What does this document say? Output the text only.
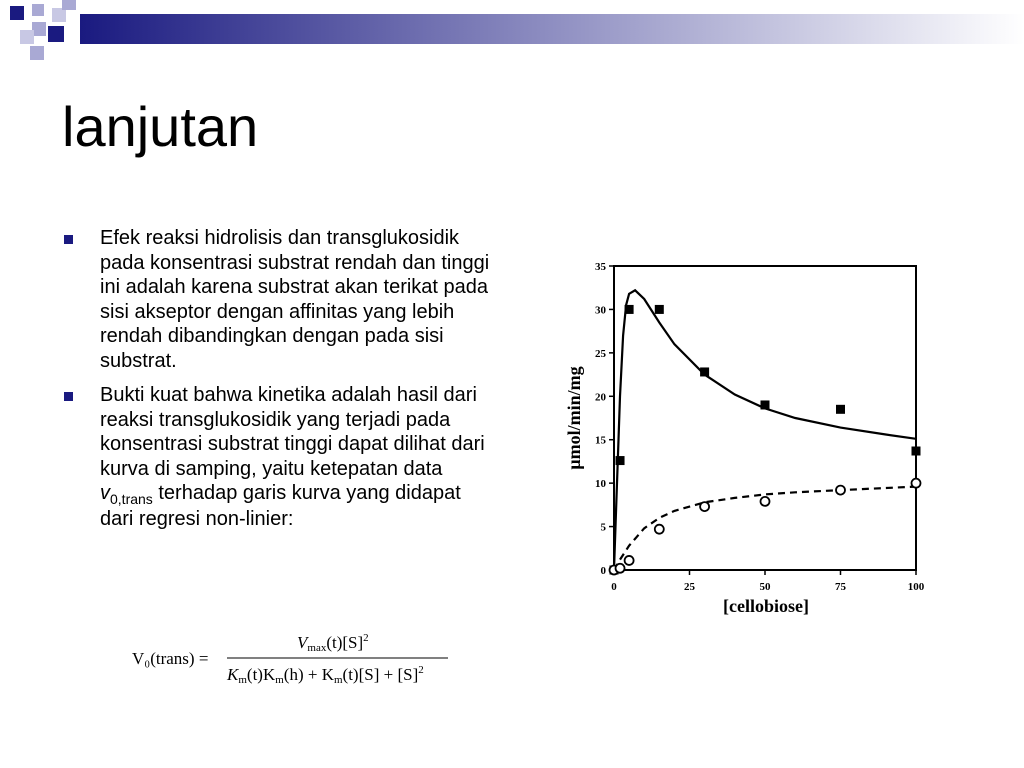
lanjutan
Efek reaksi hidrolisis dan transglukosidik pada konsentrasi substrat rendah dan tinggi ini adalah karena substrat akan terikat pada sisi akseptor dengan affinitas yang lebih rendah dibandingkan dengan pada sisi substrat.
Bukti kuat bahwa kinetika adalah hasil dari reaksi transglukosidik yang terjadi pada konsentrasi substrat tinggi dapat dilihat dari kurva di samping, yaitu ketepatan data $v_{0,trans}$ terhadap garis kurva yang didapat dari regresi non-linier:
V₀(trans) =
$Vmax(t)[S]^2$
$Km(t)Km(h) + Km(t)[S] + [S]^2$
0	25	50	75	100
0
5
10
15
20
25
30
35
[cellobiose]
μmol/min/mg
